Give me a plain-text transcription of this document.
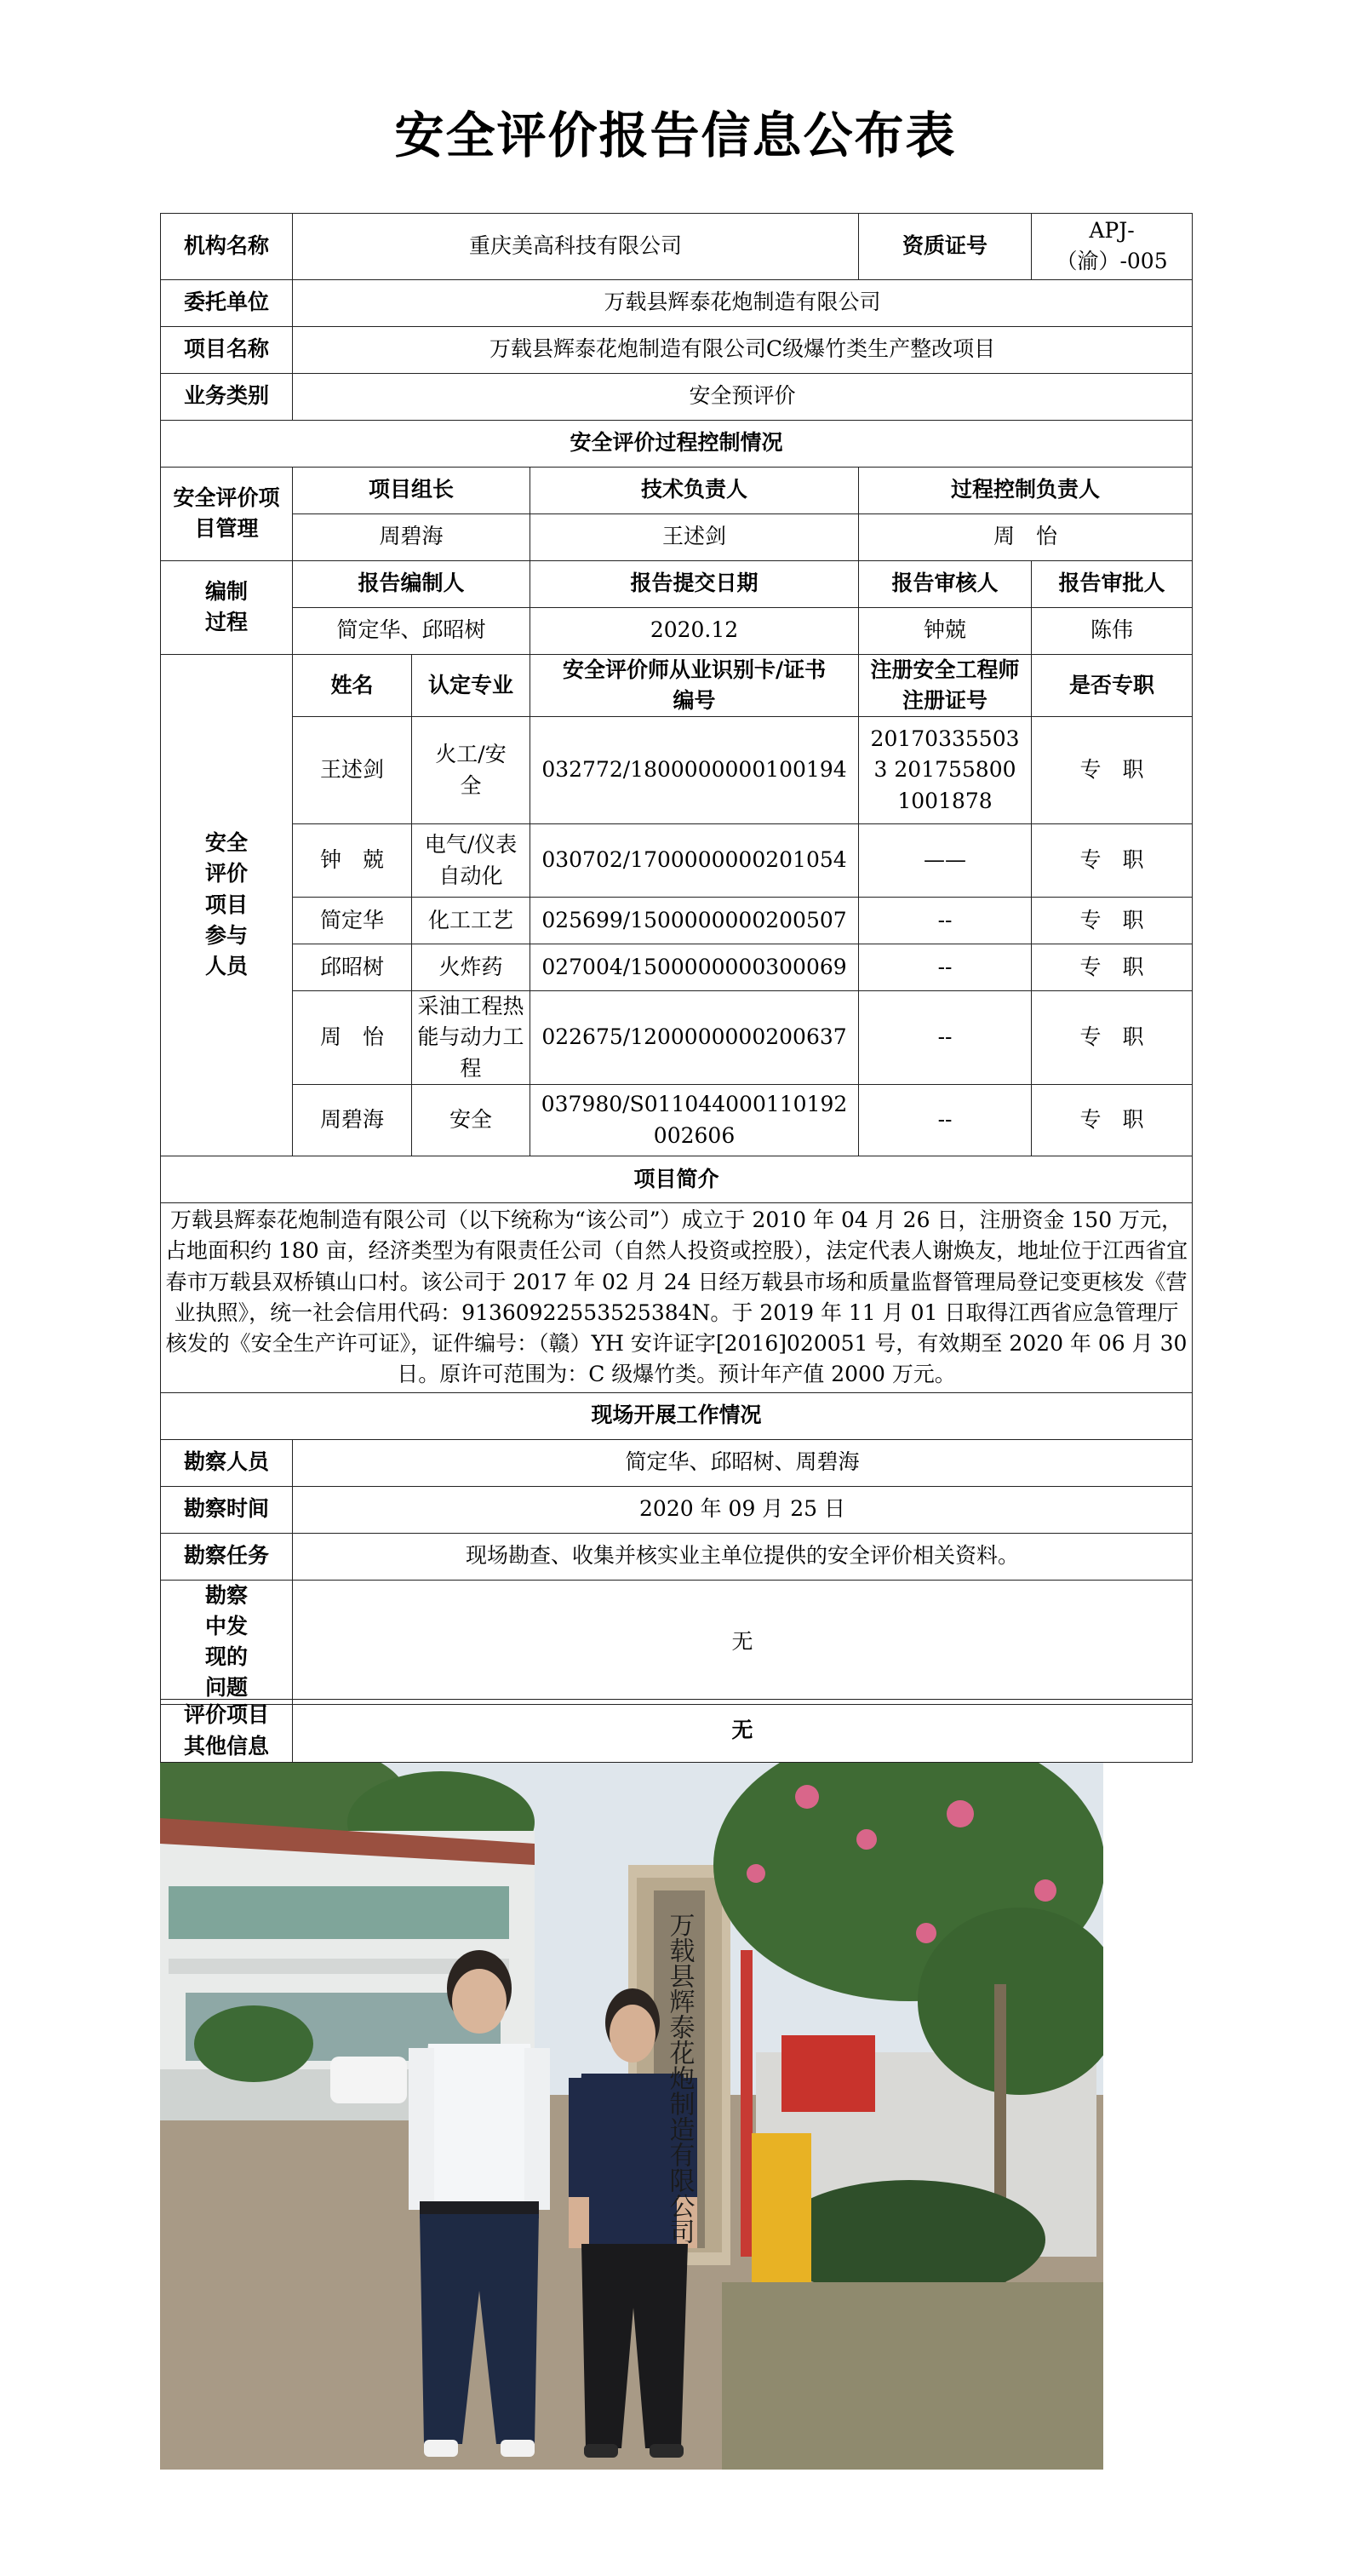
安全评价报告信息公布表
机构名称	重庆美高科技有限公司			资质证号	APJ-（渝）-005
委托单位	万载县辉泰花炮制造有限公司				
项目名称	万载县辉泰花炮制造有限公司C级爆竹类生产整改项目				
业务类别	安全预评价				
安全评价过程控制情况					
安全评价项目管理	项目组长		技术负责人	过程控制负责人	
	周碧海		王述剑	周　怡	
编制过程	报告编制人		报告提交日期	报告审核人	报告审批人
	简定华、邱昭树		2020.12	钟兢	陈伟
安全评价项目参与人员	姓名	认定专业	安全评价师从业识别卡/证书编号	注册安全工程师注册证号	是否专职
	王述剑	火工/安全	032772/1800000000100194	201703355033 2017558001001878	专　职
	钟　兢	电气/仪表自动化	030702/1700000000201054	——	专　职
	简定华	化工工艺	025699/1500000000200507	--	专　职
	邱昭树	火炸药	027004/1500000000300069	--	专　职
	周　怡	采油工程热能与动力工程	022675/1200000000200637	--	专　职
	周碧海	安全	037980/S011044000110192002606	--	专　职
项目简介					
万载县辉泰花炮制造有限公司（以下统称为“该公司”）成立于 2010 年 04 月 26 日，注册资金 150 万元，占地面积约 180 亩，经济类型为有限责任公司（自然人投资或控股），法定代表人谢焕友，地址位于江西省宜春市万载县双桥镇山口村。该公司于 2017 年 02 月 24 日经万载县市场和质量监督管理局登记变更核发《营业执照》，统一社会信用代码：91360922553525384N。于 2019 年 11 月 01 日取得江西省应急管理厅核发的《安全生产许可证》，证件编号：（赣）YH 安许证字[2016]020051 号，有效期至 2020 年 06 月 30 日。原许可范围为：C 级爆竹类。预计年产值 2000 万元。					
现场开展工作情况					
勘察人员	简定华、邱昭树、周碧海				
勘察时间	2020 年 09 月 25 日				
勘察任务	现场勘查、收集并核实业主单位提供的安全评价相关资料。				
勘察中发现的问题	无				
评价项目其他信息	无
万载县辉泰花炮制造有限公司
